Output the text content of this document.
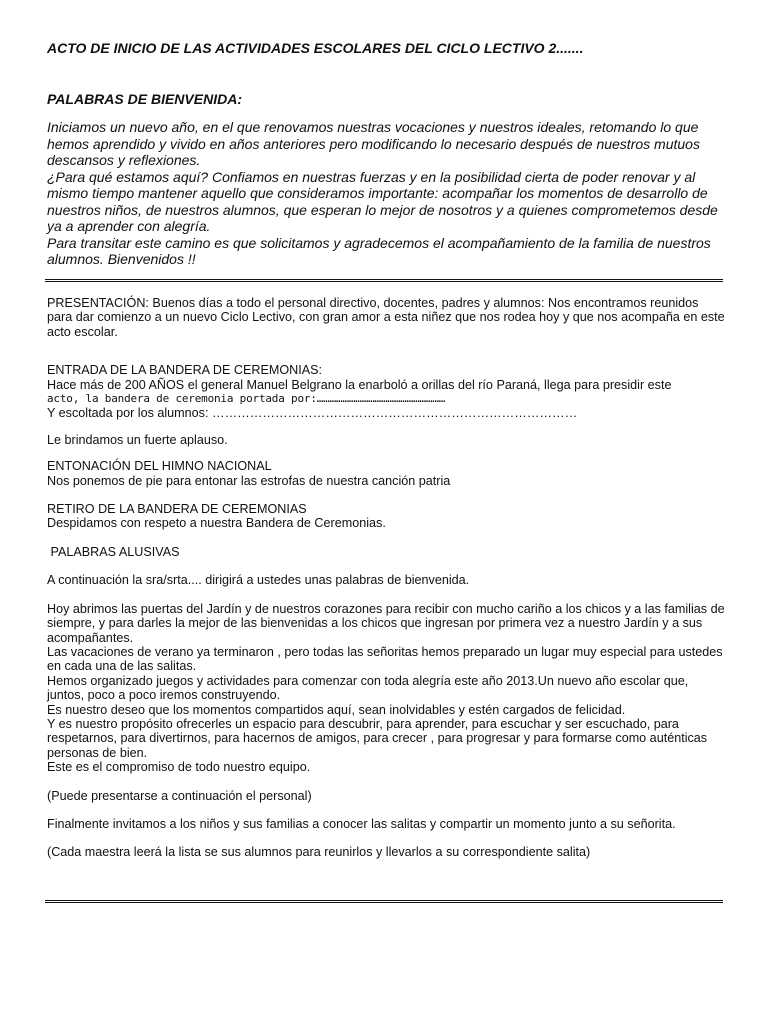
ACTO DE INICIO DE LAS ACTIVIDADES ESCOLARES DEL CICLO LECTIVO 2.......

PALABRAS DE BIENVENIDA:

Iniciamos un nuevo año, en el que renovamos nuestras vocaciones y nuestros ideales, retomando lo que hemos aprendido y vivido en años anteriores pero modificando lo necesario después de nuestros mutuos descansos y reflexiones.

¿Para qué estamos aquí? Confiamos en nuestras fuerzas y en la posibilidad cierta de poder renovar y al mismo tiempo mantener aquello que consideramos importante: acompañar los momentos de desarrollo de nuestros niños, de nuestros alumnos, que esperan lo mejor de nosotros y a quienes comprometemos desde ya a aprender con alegría.

Para transitar este camino es que solicitamos y agradecemos el acompañamiento de la familia de nuestros alumnos. Bienvenidos !!

PRESENTACIÓN: Buenos días a todo el personal directivo, docentes, padres y alumnos: Nos encontramos reunidos para dar comienzo a un nuevo Ciclo Lectivo, con gran amor a esta niñez que nos rodea hoy y que nos acompaña en este acto escolar.

ENTRADA DE LA BANDERA DE CEREMONIAS:

Hace más de 200 AÑOS el general Manuel Belgrano la enarboló a orillas del río Paraná, llega para presidir este

acto, la bandera de ceremonia portada por:……………………………………………………

Y escoltada por los alumnos: ……………………………………………………………………………

Le brindamos un fuerte aplauso.

ENTONACIÓN DEL HIMNO NACIONAL

Nos ponemos de pie para entonar las estrofas de nuestra canción patria

RETIRO DE LA BANDERA DE CEREMONIAS

Despidamos con respeto a nuestra Bandera de Ceremonias.

PALABRAS ALUSIVAS

A continuación la sra/srta.... dirigirá a ustedes unas palabras de bienvenida.

Hoy abrimos las puertas del Jardín y de nuestros corazones para recibir con mucho cariño a los chicos y a las familias de siempre, y para darles la mejor de las bienvenidas a los chicos que ingresan por primera vez a nuestro Jardín y a sus acompañantes.

Las vacaciones de verano ya terminaron , pero todas las señoritas hemos preparado un lugar muy especial para ustedes en cada una de las salitas.

Hemos organizado juegos y actividades para comenzar con toda alegría este año 2013.Un nuevo año escolar que, juntos, poco a poco iremos construyendo.

Es nuestro deseo que los momentos compartidos aquí, sean inolvidables y estén cargados de felicidad.

Y es nuestro propósito ofrecerles un espacio para descubrir, para aprender, para escuchar y ser escuchado, para respetarnos, para divertirnos, para hacernos de amigos, para crecer , para progresar y para formarse como auténticas personas de bien.

Este es el compromiso de todo nuestro equipo.

(Puede presentarse a continuación el personal)

Finalmente invitamos a los niños y sus familias a conocer las salitas y compartir un momento junto a su señorita.

(Cada maestra leerá la lista se sus alumnos para reunirlos y llevarlos a su correspondiente salita)
